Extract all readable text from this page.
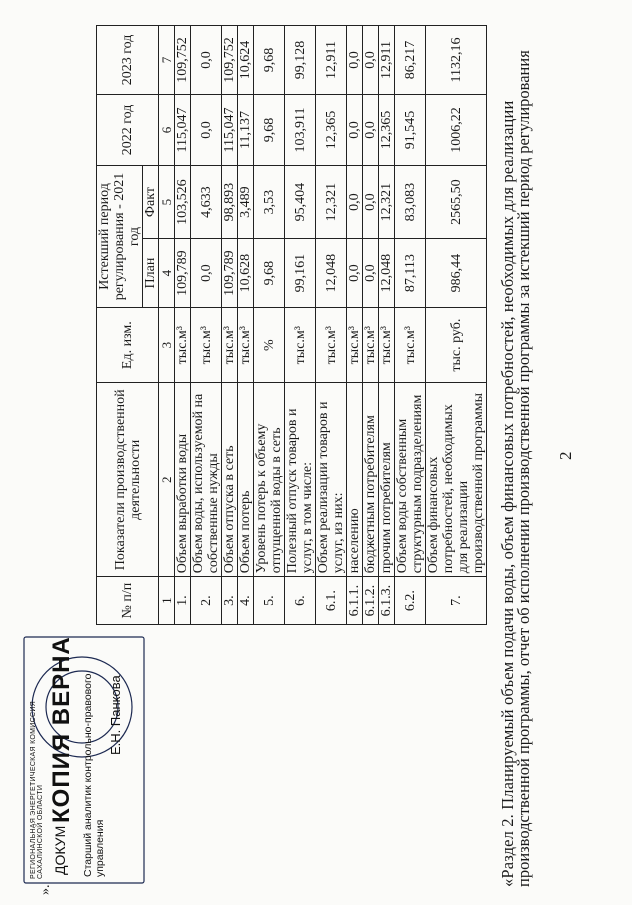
2
«Раздел 2. Планируемый объем подачи воды, объем финансовых потребностей, необходимых для реализации
производственной программы, отчет об исполнении производственной программы за истекший период регулирования
№ п/п	Показатели производственной деятельности	Ед. изм.	Истекший период регулирования - 2021 год		2022 год	2023 год
			План	Факт		
1	2	3	4	5	6	7
1.	Объем выработки воды	тыс.м³	109,789	103,526	115,047	109,752
2.	Объем воды, используемой на собственные нужды	тыс.м³	0,0	4,633	0,0	0,0
3.	Объем отпуска в сеть	тыс.м³	109,789	98,893	115,047	109,752
4.	Объем потерь	тыс.м³	10,628	3,489	11,137	10,624
5.	Уровень потерь к объему отпущенной воды в сеть	%	9,68	3,53	9,68	9,68
6.	Полезный отпуск товаров и услуг, в том числе:	тыс.м³	99,161	95,404	103,911	99,128
6.1.	Объем реализации товаров и услуг, из них:	тыс.м³	12,048	12,321	12,365	12,911
6.1.1.	населению	тыс.м³	0,0	0,0	0,0	0,0
6.1.2.	бюджетным потребителям	тыс.м³	0,0	0,0	0,0	0,0
6.1.3.	прочим потребителям	тыс.м³	12,048	12,321	12,365	12,911
6.2.	Объем воды собственным структурным подразделениям	тыс.м³	87,113	83,083	91,545	86,217
7.	Объем финансовых потребностей, необходимых для реализации производственной программы	тыс. руб.	986,44	2565,50	1006,22	1132,16
КОПИЯ ВЕРНА
ДОКУМ Старший аналитик контрольно-правового управления
Е.Н. Панкова
РЕГИОНАЛЬНАЯ ЭНЕРГЕТИЧЕСКАЯ КОМИССИЯ САХАЛИНСКОЙ ОБЛАСТИ
».
